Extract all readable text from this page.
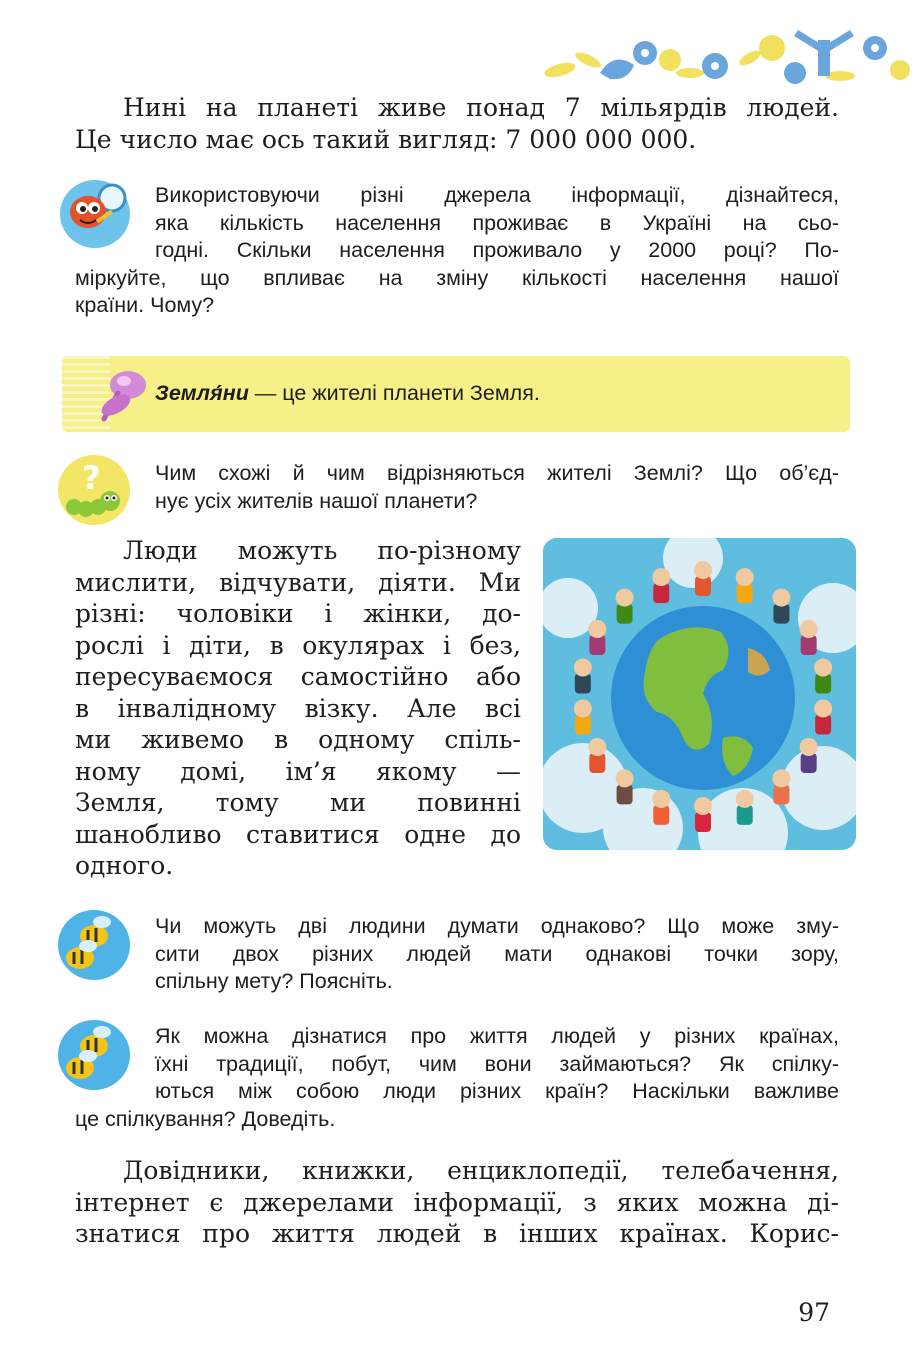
Нині на планеті живе понад 7 мільярдів людей.
Це число має ось такий вигляд: 7 000 000 000.
Використовуючи різні джерела інформації, дізнайтеся,
яка кількість населення проживає в Україні на сьо-
годні. Скільки населення проживало у 2000 році? По-
міркуйте, що впливає на зміну кількості населення нашої
країни. Чому?
Земля́ни — це жителі планети Земля.
?	Чим схожі й чим відрізняються жителі Землі? Що об’єд-
нує усіх жителів нашої планети?
Люди можуть по-різному
мислити, відчувати, діяти. Ми
різні: чоловіки і жінки, до-
рослі і діти, в окулярах і без,
пересуваємося самостійно або
в інвалідному візку. Але всі
ми живемо в одному спіль-
ному домі, ім’я якому —
Земля, тому ми повинні
шанобливо ставитися одне до
одного.
Чи можуть дві людини думати однаково? Що може зму-
сити двох різних людей мати однакові точки зору,
спільну мету? Поясніть.
Як можна дізнатися про життя людей у різних країнах,
їхні традиції, побут, чим вони займаються? Як спілку-
ються між собою люди різних країн? Наскільки важливе
це спілкування? Доведіть.
Довідники, книжки, енциклопедії, телебачення,
інтернет є джерелами інформації, з яких можна ді-
знатися про життя людей в інших країнах. Корис-
97
